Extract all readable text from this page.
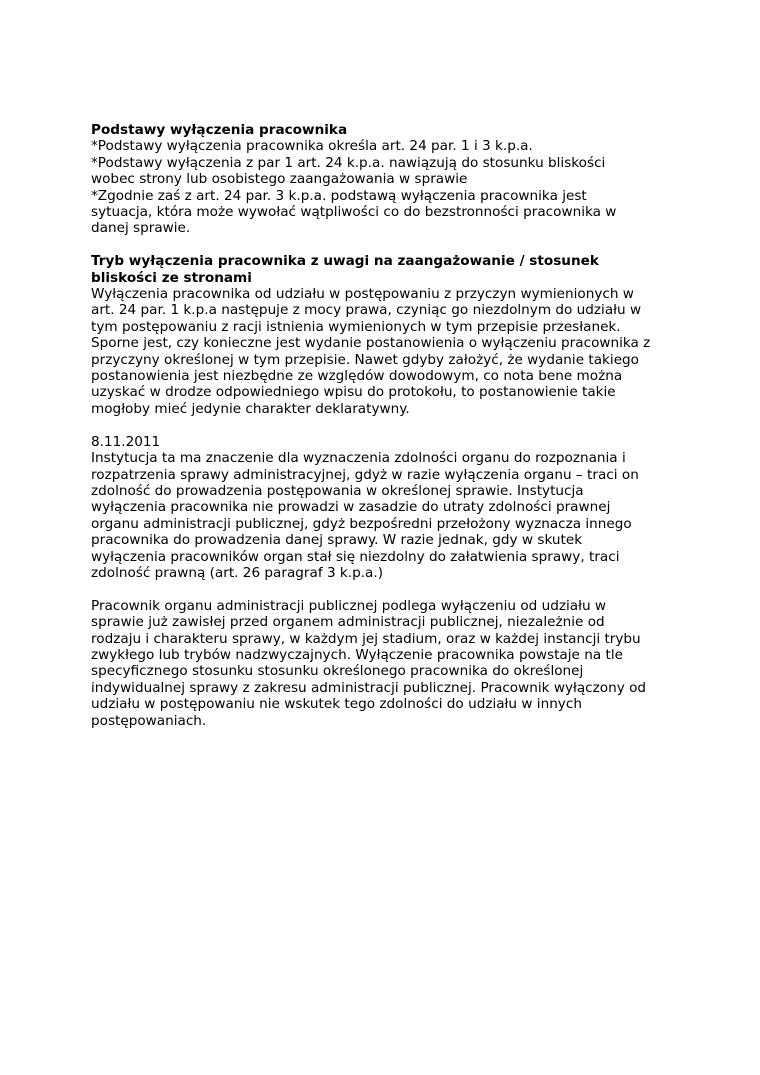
Podstawy wyłączenia pracownika

*Podstawy wyłączenia pracownika określa art. 24 par. 1 i 3 k.p.a.

*Podstawy wyłączenia z par 1 art. 24 k.p.a. nawiązują do stosunku bliskości

wobec strony lub osobistego zaangażowania w sprawie

*Zgodnie zaś z art. 24 par. 3 k.p.a. podstawą wyłączenia pracownika jest

sytuacja, która może wywołać wątpliwości co do bezstronności pracownika w

danej sprawie.

Tryb wyłączenia pracownika z uwagi na zaangażowanie / stosunek

bliskości ze stronami

Wyłączenia pracownika od udziału w postępowaniu z przyczyn wymienionych w

art. 24 par. 1 k.p.a następuje z mocy prawa, czyniąc go niezdolnym do udziału w

tym postępowaniu z racji istnienia wymienionych w tym przepisie przesłanek.

Sporne jest, czy konieczne jest wydanie postanowienia o wyłączeniu pracownika z

przyczyny określonej w tym przepisie. Nawet gdyby założyć, że wydanie takiego

postanowienia jest niezbędne ze względów dowodowym, co nota bene można

uzyskać w drodze odpowiedniego wpisu do protokołu, to postanowienie takie

mogłoby mieć jedynie charakter deklaratywny.

8.11.2011

Instytucja ta ma znaczenie dla wyznaczenia zdolności organu do rozpoznania i

rozpatrzenia sprawy administracyjnej, gdyż w razie wyłączenia organu – traci on

zdolność do prowadzenia postępowania w określonej sprawie. Instytucja

wyłączenia pracownika nie prowadzi w zasadzie do utraty zdolności prawnej

organu administracji publicznej, gdyż bezpośredni przełożony wyznacza innego

pracownika do prowadzenia danej sprawy. W razie jednak, gdy w skutek

wyłączenia pracowników organ stał się niezdolny do załatwienia sprawy, traci

zdolność prawną (art. 26 paragraf 3 k.p.a.)

Pracownik organu administracji publicznej podlega wyłączeniu od udziału w

sprawie już zawisłej przed organem administracji publicznej, niezależnie od

rodzaju i charakteru sprawy, w każdym jej stadium, oraz w każdej instancji trybu

zwykłego lub trybów nadzwyczajnych. Wyłączenie pracownika powstaje na tle

specyficznego stosunku stosunku określonego pracownika do określonej

indywidualnej sprawy z zakresu administracji publicznej. Pracownik wyłączony od

udziału w postępowaniu nie wskutek tego zdolności do udziału w innych

postępowaniach.
